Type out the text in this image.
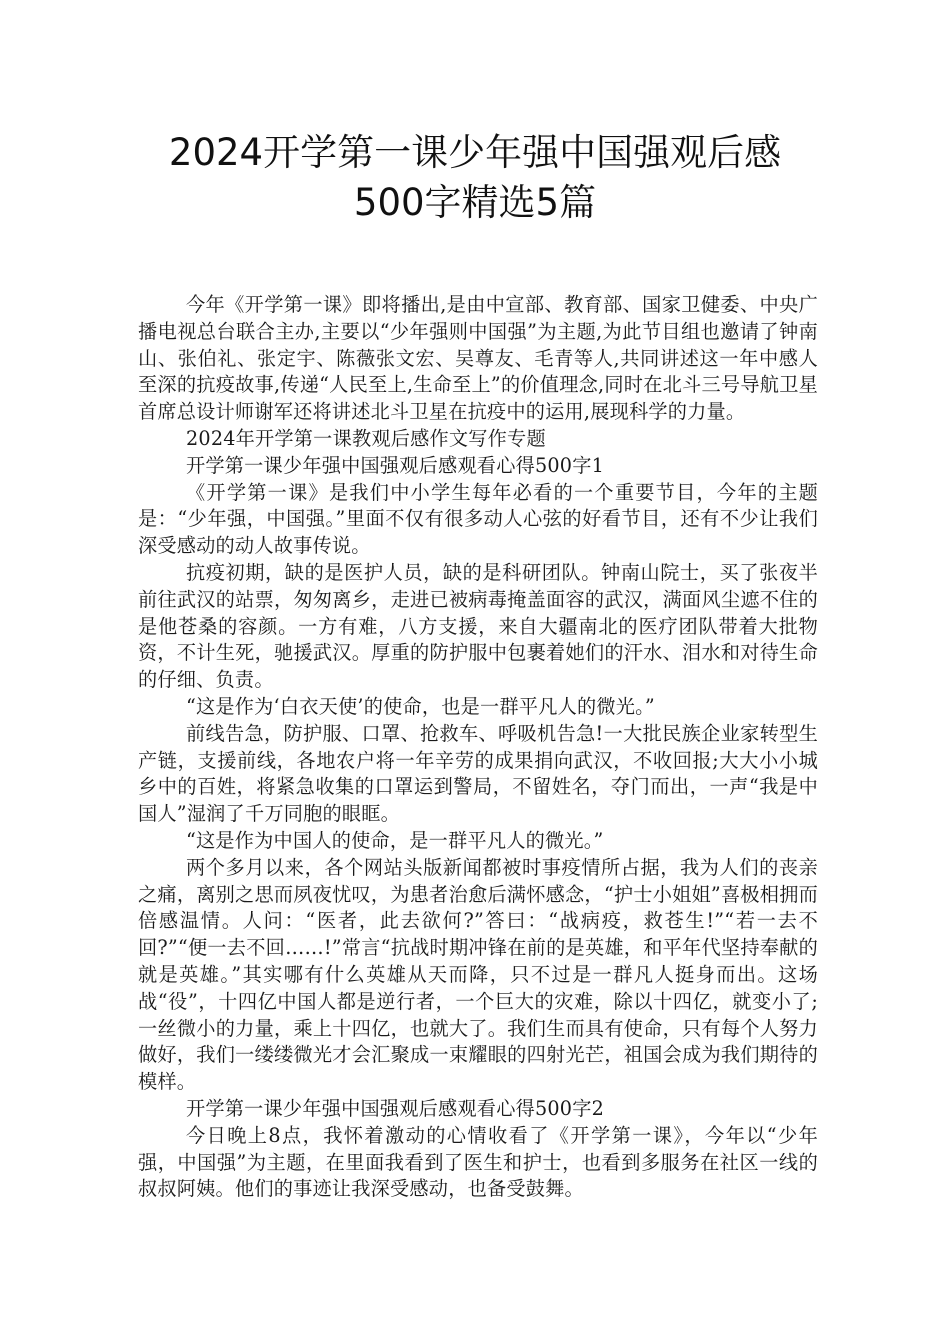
2024开学第一课少年强中国强观后感
500字精选5篇

今年《开学第一课》即将播出,是由中宣部、教育部、国家卫健委、中央广播电视总台联合主办,主要以“少年强则中国强”为主题,为此节目组也邀请了钟南山、张伯礼、张定宇、陈薇张文宏、吴尊友、毛青等人,共同讲述这一年中感人至深的抗疫故事,传递“人民至上,生命至上”的价值理念,同时在北斗三号导航卫星首席总设计师谢军还将讲述北斗卫星在抗疫中的运用,展现科学的力量。

2024年开学第一课教观后感作文写作专题

开学第一课少年强中国强观后感观看心得500字1

《开学第一课》是我们中小学生每年必看的一个重要节目，今年的主题是：“少年强，中国强。”里面不仅有很多动人心弦的好看节目，还有不少让我们深受感动的动人故事传说。

抗疫初期，缺的是医护人员，缺的是科研团队。钟南山院士，买了张夜半前往武汉的站票，匆匆离乡，走进已被病毒掩盖面容的武汉，满面风尘遮不住的是他苍桑的容颜。一方有难，八方支援，来自大疆南北的医疗团队带着大批物资，不计生死，驰援武汉。厚重的防护服中包裹着她们的汗水、泪水和对待生命的仔细、负责。

“这是作为‘白衣天使’的使命，也是一群平凡人的微光。”

前线告急，防护服、口罩、抢救车、呼吸机告急!一大批民族企业家转型生产链，支援前线，各地农户将一年辛劳的成果捐向武汉，不收回报;大大小小城乡中的百姓，将紧急收集的口罩运到警局，不留姓名，夺门而出，一声“我是中国人”湿润了千万同胞的眼眶。

“这是作为中国人的使命，是一群平凡人的微光。”

两个多月以来，各个网站头版新闻都被时事疫情所占据，我为人们的丧亲之痛，离别之思而夙夜忧叹，为患者治愈后满怀感念，“护士小姐姐”喜极相拥而倍感温情。人问：“医者，此去欲何?”答曰：“战病疫，救苍生!”“若一去不回?”“便一去不回……!”常言“抗战时期冲锋在前的是英雄，和平年代坚持奉献的就是英雄。”其实哪有什么英雄从天而降，只不过是一群凡人挺身而出。这场战“役”，十四亿中国人都是逆行者，一个巨大的灾难，除以十四亿，就变小了;一丝微小的力量，乘上十四亿，也就大了。我们生而具有使命，只有每个人努力做好，我们一缕缕微光才会汇聚成一束耀眼的四射光芒，祖国会成为我们期待的模样。

开学第一课少年强中国强观后感观看心得500字2

今日晚上8点，我怀着激动的心情收看了《开学第一课》，今年以“少年强，中国强”为主题，在里面我看到了医生和护士，也看到多服务在社区一线的叔叔阿姨。他们的事迹让我深受感动，也备受鼓舞。
